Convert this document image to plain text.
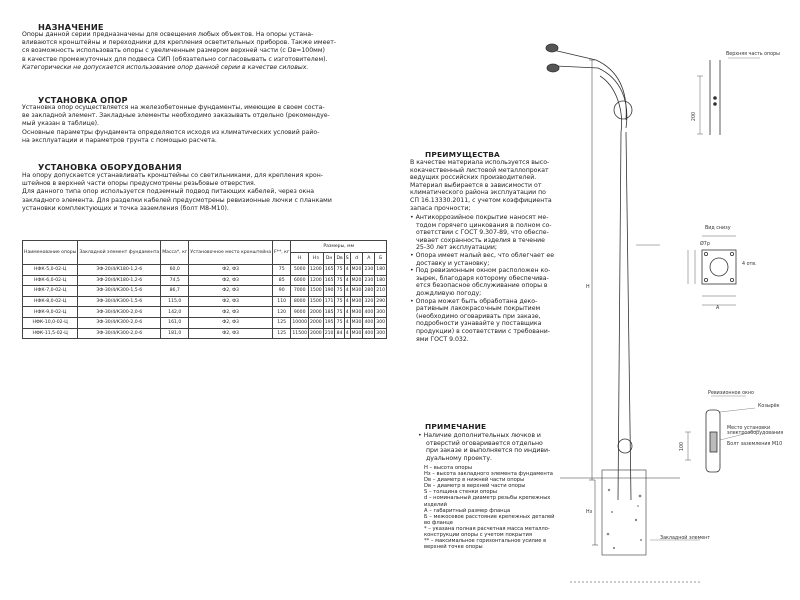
НАЗНАЧЕНИЕ

Опоры данной серии предназначены для освещения любых объектов. На опоры устана-

вливаются кронштейны и переходники для крепления осветительных приборов. Также имеет-

ся возможность использовать опоры с увеличенным размером верхней части (с Dв=100мм)

в качестве промежуточных для подвеса СИП (обязательно согласовывать с изготовителем).

Категорически не допускается использование опор данной серии в качестве силовых.

УСТАНОВКА ОПОР

Установка опор осуществляется на железобетонные фундаменты, имеющие в своем соста-

ве закладной элемент. Закладные элементы необходимо заказывать отдельно (рекомендуе-

мый указан в таблице).

Основные параметры фундамента определяются исходя из климатических условий райо-

на эксплуатации и параметров грунта с помощью расчета.

УСТАНОВКА ОБОРУДОВАНИЯ

На опору допускается устанавливать кронштейны со светильниками, для крепления крон-

штейнов в верхней части опоры предусмотрены резьбовые отверстия.

Для данного типа опор используется подземный подвод питающих кабелей, через окна

закладного элемента. Для разделки кабелей предусмотрены ревизионные лючки с планками

установки комплектующих и точка заземления (болт М8-М10).

Наименование опоры	Закладной элемент фундамента	Масса*, кг	Установочное место кронштейна	F**, кг	Размеры, мм							
					H	Hз	Dн	Dв	S	d	А	Б
НФК-5,0-02-Ц	ЗФ-20/4/К180-1,2-б	60,0	Ф2, Ф3	75	5000	1200	165	75	4	М20	230	180
НФК-6,0-02-Ц	ЗФ-20/4/К180-1,2-б	74,5	Ф2, Ф3	85	6000	1200	165	75	4	М20	230	180
НФК-7,0-02-Ц	ЗФ-30/4/К300-1,5-б	86,7	Ф2, Ф3	90	7000	1500	190	75	4	М30	280	210
НФК-8,0-02-Ц	ЗФ-30/4/К300-1,5-б	115,0	Ф2, Ф3	110	8000	1500	171	75	4	М30	320	290
НФК-9,0-02-Ц	ЗФ-30/4/К300-2,0-б	142,0	Ф2, Ф3	120	9000	2000	185	75	4	М30	400	300
НФК-10,0-02-Ц	ЗФ-30/4/К300-2,0-б	161,0	Ф2, Ф3	125	10000	2000	195	75	4	М30	400	300
НФК-11,5-02-Ц	ЗФ-30/4/К300-2,0-б	181,0	Ф2, Ф3	125	11500	2000	210	84	4	М30	400	300
ПРЕИМУЩЕСТВА

В качестве материала используется высо-

кокачественный листовой металлопрокат

ведущих российских производителей.

Материал выбирается в зависимости от

климатического района эксплуатации по

СП 16.13330.2011, с учетом коэффициента

запаса прочности;

• Антикоррозийное покрытие наносят ме-

тодом горячего цинкования в полном со-

ответствии с ГОСТ 9.307-89, что обеспе-

чивает сохранность изделия в течение

25-30 лет эксплуатации;

• Опора имеет малый вес, что облегчает ее

доставку и установку;

• Под ревизионным окном расположен ко-

зырек, благодаря которому обеспечива-

ется безопасное обслуживание опоры в

дождливую погоду;

• Опора может быть обработана деко-

ративным лакокрасочным покрытием

(необходимо оговаривать при заказе,

подробности узнавайте у поставщика

продукции) в соответствии с требовани-

ями ГОСТ 9.032.

ПРИМЕЧАНИЕ

• Наличие дополнительных лючков и

отверстий оговаривается отдельно

при заказе и выполняется по индиви-

дуальному проекту.

H – высота опоры

Hз – высота закладного элемента фундамента

Dв – диаметр в нижней части опоры

Dв – диаметр в верхней части опоры

S – толщина стенки опоры

d – номинальный диаметр резьбы крепежных

изделий

А – габаритный размер фланца

Б – межосевое расстояние крепежных деталей

во фланце

* – указана полная расчетная масса металло-

конструкции опоры с учетом покрытия

** – максимальное горизонтальное усилие в

верхней точке опоры

Верхняя часть опоры
200
Вид снизу
Ø7р
4 отв.
А
Ревизионное окно
Козырёк
Место установки электрооборудования
Болт заземления М10
100
Закладной элемент
H
Hз
